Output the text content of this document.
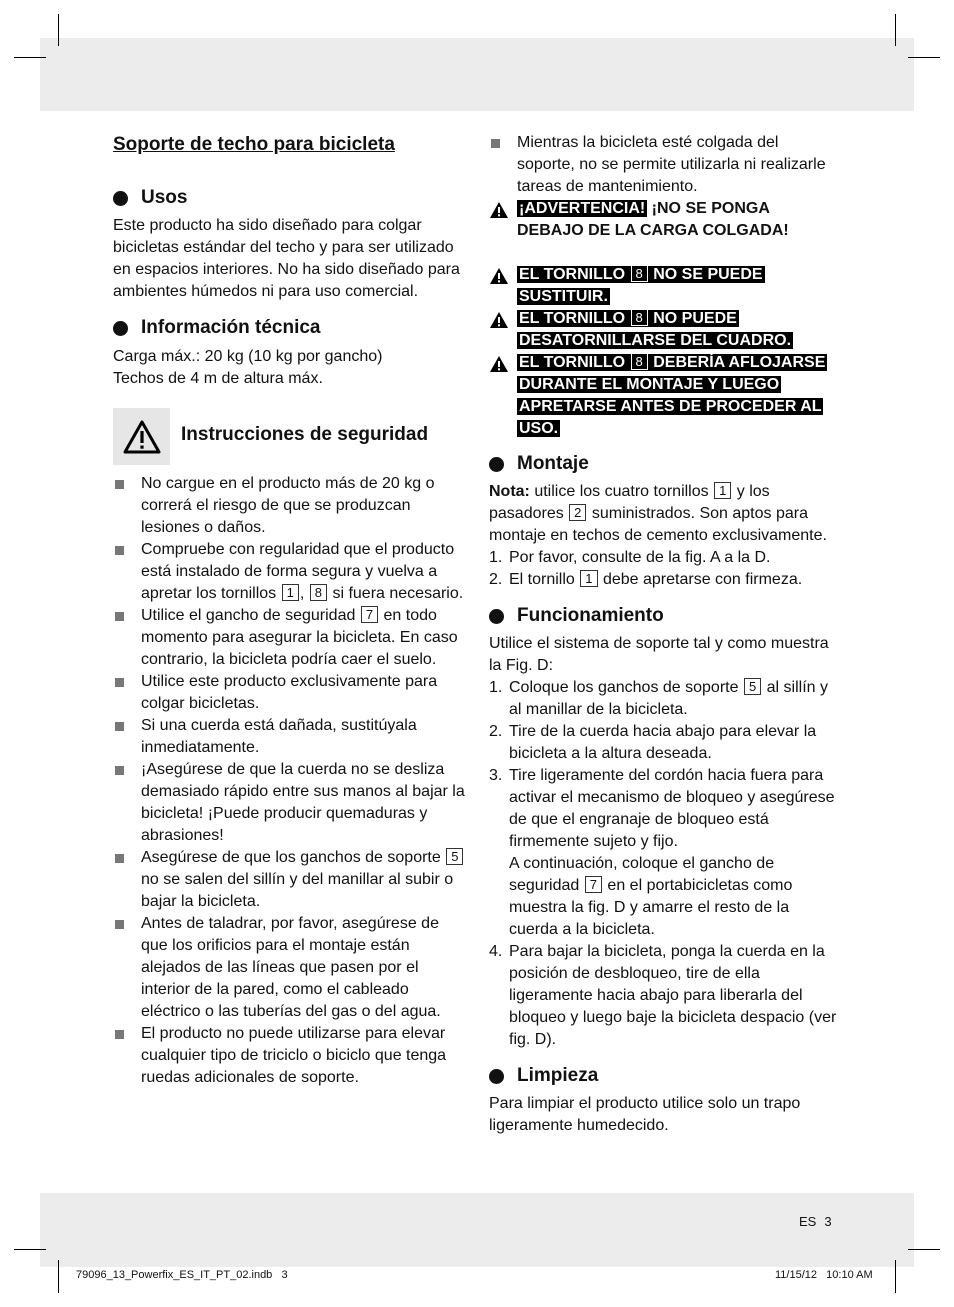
Soporte de techo para bicicleta
Usos

Este producto ha sido diseñado para colgar bicicletas estándar del techo y para ser utilizado en espacios interiores. No ha sido diseñado para ambientes húmedos ni para uso comercial.

Información técnica

Carga máx.: 20 kg (10 kg por gancho)

Techos de 4 m de altura máx.

Instrucciones de seguridad
No cargue en el producto más de 20 kg o correrá el riesgo de que se produzcan lesiones o daños.
Compruebe con regularidad que el producto está instalado de forma segura y vuelva a apretar los tornillos 1 , 8 si fuera necesario.
Utilice el gancho de seguridad 7 en todo momento para asegurar la bicicleta. En caso contrario, la bicicleta podría caer el suelo.
Utilice este producto exclusivamente para colgar bicicletas.
Si una cuerda está dañada, sustitúyala inmediatamente.
¡Asegúrese de que la cuerda no se desliza demasiado rápido entre sus manos al bajar la bicicleta! ¡Puede producir quemaduras y abrasiones!
Asegúrese de que los ganchos de soporte 5 no se salen del sillín y del manillar al subir o bajar la bicicleta.
Antes de taladrar, por favor, asegúrese de que los orificios para el montaje están alejados de las líneas que pasen por el interior de la pared, como el cableado eléctrico o las tuberías del gas o del agua.
El producto no puede utilizarse para elevar cualquier tipo de triciclo o biciclo que tenga ruedas adicionales de soporte.
Mientras la bicicleta esté colgada del soporte, no se permite utilizarla ni realizarle tareas de mantenimiento.
¡ADVERTENCIA! ¡NO SE PONGA DEBAJO DE LA CARGA COLGADA!
EL TORNILLO 8 NO SE PUEDE SUSTITUIR.
EL TORNILLO 8 NO PUEDE DESATORNILLARSE DEL CUADRO.
EL TORNILLO 8 DEBERÍA AFLOJARSE DURANTE EL MONTAJE Y LUEGO APRETARSE ANTES DE PROCEDER AL USO.
Montaje

Nota: utilice los cuatro tornillos 1 y los pasadores 2 suministrados. Son aptos para montaje en techos de cemento exclusivamente.

1. Por favor, consulte de la fig. A a la D.
2. El tornillo 1 debe apretarse con firmeza.
Funcionamiento

Utilice el sistema de soporte tal y como muestra la Fig. D:

1. Coloque los ganchos de soporte 5 al sillín y al manillar de la bicicleta.
2. Tire de la cuerda hacia abajo para elevar la bicicleta a la altura deseada.
3. Tire ligeramente del cordón hacia fuera para activar el mecanismo de bloqueo y asegúrese de que el engranaje de bloqueo está firmemente sujeto y fijo.
A continuación, coloque el gancho de seguridad 7 en el portabicicletas como muestra la fig. D y amarre el resto de la cuerda a la bicicleta.
4. Para bajar la bicicleta, ponga la cuerda en la posición de desbloqueo, tire de ella ligeramente hacia abajo para liberarla del bloqueo y luego baje la bicicleta despacio (ver fig. D).
Limpieza

Para limpiar el producto utilice solo un trapo ligeramente humedecido.

ES 3
79096_13_Powerfix_ES_IT_PT_02.indb   3	11/15/12   10:10 AM
